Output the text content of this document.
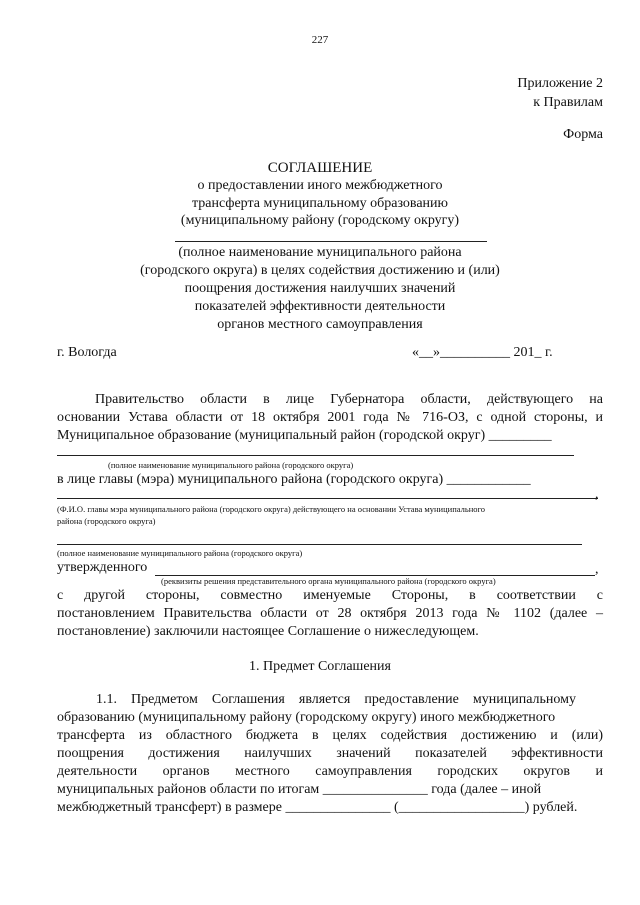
227
Приложение 2
к Правилам
Форма
СОГЛАШЕНИЕ
о предоставлении иного межбюджетного
трансферта муниципальному образованию
(муниципальному району (городскому округу)
(полное наименование муниципального района
(городского округа) в целях содействия достижению и (или)
поощрения достижения наилучших значений
показателей эффективности деятельности
органов местного самоуправления
г. Вологда	«__»__________ 201_ г.
Правительство области в лице Губернатора области, действующего на
основании Устава области от 18 октября 2001 года № 716-ОЗ, с одной стороны, и
Муниципальное образование (муниципальный район (городской округ) _________
(полное наименование муниципального района (городского округа)
в лице главы (мэра) муниципального района (городского округа) ____________
,
(Ф.И.О. главы мэра муниципального района (городского округа) действующего на основании Устава муниципального
района (городского округа)
(полное наименование муниципального района (городского округа)
утвержденного	,
(реквизиты решения представительного органа муниципального района (городского округа)
с другой стороны, совместно именуемые Стороны, в соответствии с
постановлением Правительства области от 28 октября 2013 года № 1102 (далее –
постановление) заключили настоящее Соглашение о нижеследующем.
1. Предмет Соглашения
1.1. Предметом Соглашения является предоставление муниципальному
образованию (муниципальному району (городскому округу) иного межбюджетного
трансферта из областного бюджета в целях содействия достижению и (или)
поощрения достижения наилучших значений показателей эффективности
деятельности органов местного самоуправления городских округов и
муниципальных районов области по итогам _______________ года (далее – иной
межбюджетный трансферт) в размере _______________ (__________________) рублей.
